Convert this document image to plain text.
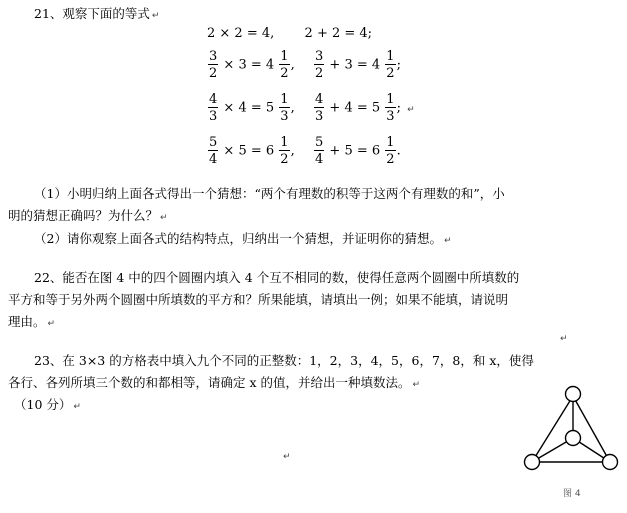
21、观察下面的等式 ↵
2 × 2 = 4, 2 + 2 = 4;
$\frac{3}{2} \times 3 = 4 \frac{1}{2}$ , $\frac{3}{2} + 3 = 4 \frac{1}{2}$ ;
$\frac{4}{3} \times 4 = 5 \frac{1}{3}$ , $\frac{4}{3} + 4 = 5 \frac{1}{3}$ ; ↵
$\frac{5}{4} \times 5 = 6 \frac{1}{2}$ , $\frac{5}{4} + 5 = 6 \frac{1}{2}$ .
（1）小明归纳上面各式得出一个猜想：“两个有理数的积等于这两个有理数的和”，小
明的猜想正确吗？为什么？ ↵
（2）请你观察上面各式的结构特点，归纳出一个猜想，并证明你的猜想。 ↵
22、能否在图 4 中的四个圆圈内填入 4 个互不相同的数，使得任意两个圆圈中所填数的
平方和等于另外两个圆圈中所填数的平方和？所果能填，请填出一例；如果不能填，请说明
理由。 ↵
↵
23、在 3×3 的方格表中填入九个不同的正整数：1，2，3，4，5，6，7，8，和 x，使得
各行、各列所填三个数的和都相等，请确定 x 的值，并给出一种填数法。 ↵
（10 分） ↵
↵
图 4
